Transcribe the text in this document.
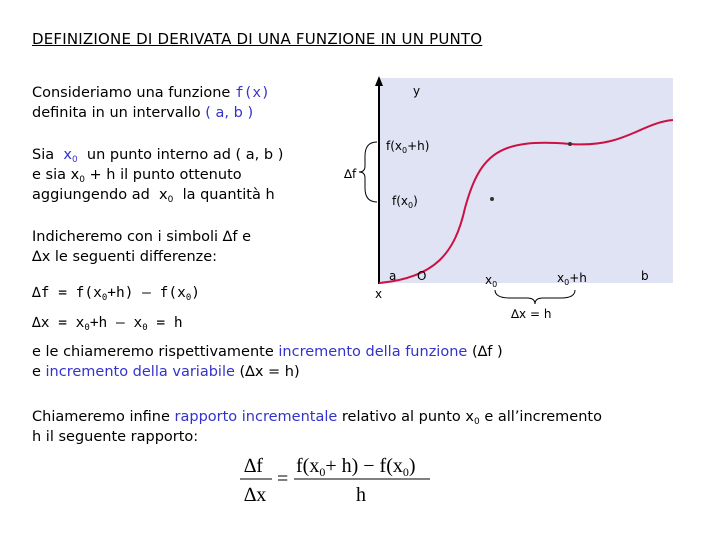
DEFINIZIONE DI DERIVATA DI UNA FUNZIONE IN UN PUNTO
Consideriamo una funzione f(x)
definita in un intervallo ( a, b )
Sia $x_0$ un punto interno ad ( a, b )
e sia $x_0 + h$ il punto ottenuto
aggiungendo ad $x_0$ la quantità h
Indicheremo con i simboli ∆f e
∆x le seguenti differenze:
$\Delta f = f(x_0+h) - f(x_0)$
$\Delta x = x_0+h - x_0 = h$
e le chiameremo rispettivamente incremento della funzione (∆f )
e incremento della variabile (∆x = h)
Chiameremo infine rapporto incrementale relativo al punto $x_0$ e all’incremento
h il seguente rapporto:
y
$f(x_0+h)$
$f(x_0)$
∆f
a
x
O	$x_0$	$x_0+h$	b
∆x = h
∆f
∆x
=
$f(x_0+ h) - f(x_0)$
h
